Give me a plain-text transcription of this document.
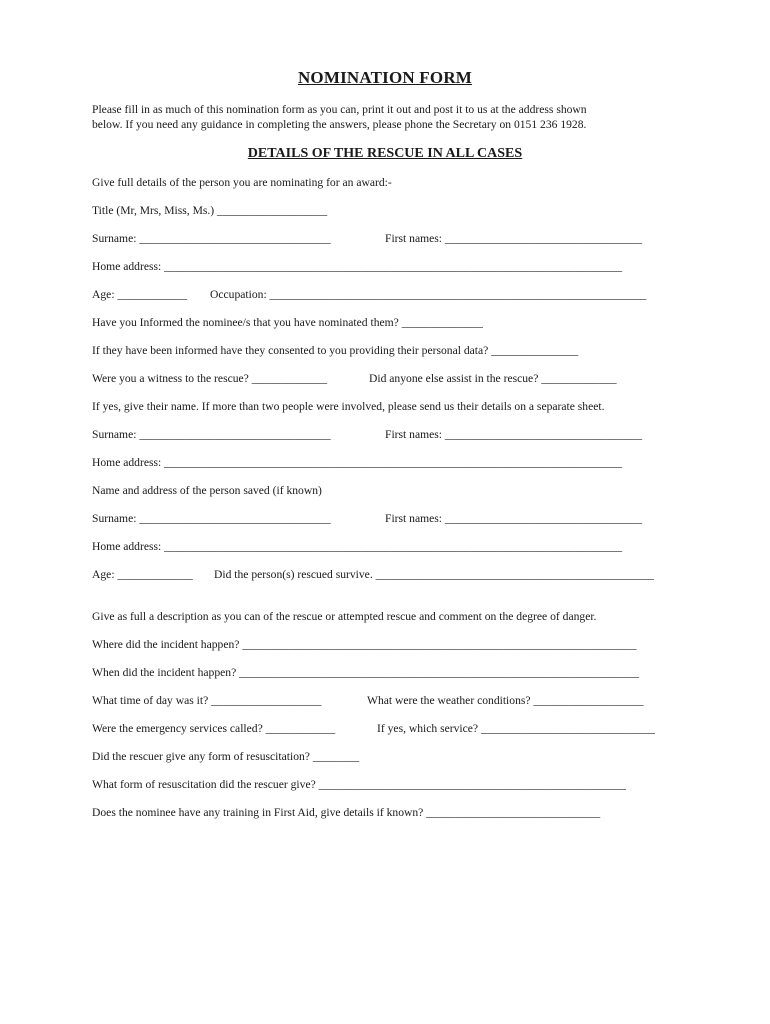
NOMINATION FORM
Please fill in as much of this nomination form as you can, print it out and post it to us at the address shown
below. If you need any guidance in completing the answers, please phone the Secretary on 0151 236 1928.
DETAILS OF THE RESCUE IN ALL CASES
Give full details of the person you are nominating for an award:-
Title (Mr, Mrs, Miss, Ms.) ___________________
Surname: _________________________________	First names: __________________________________
Home address: _______________________________________________________________________________
Age: ____________ Occupation: _________________________________________________________________
Have you Informed the nominee/s that you have nominated them? ______________
If they have been informed have they consented to you providing their personal data? _______________
Were you a witness to the rescue? _____________	Did anyone else assist in the rescue? _____________
If yes, give their name. If more than two people were involved, please send us their details on a separate sheet.
Surname: _________________________________	First names: __________________________________
Home address: _______________________________________________________________________________
Name and address of the person saved (if known)
Surname: _________________________________	First names: __________________________________
Home address: _______________________________________________________________________________
Age: _____________ Did the person(s) rescued survive. ________________________________________________
Give as full a description as you can of the rescue or attempted rescue and comment on the degree of danger.
Where did the incident happen? ____________________________________________________________________
When did the incident happen? _____________________________________________________________________
What time of day was it? ___________________	What were the weather conditions? ___________________
Were the emergency services called? ____________	If yes, which service? ______________________________
Did the rescuer give any form of resuscitation? ________
What form of resuscitation did the rescuer give? _____________________________________________________
Does the nominee have any training in First Aid, give details if known? ______________________________
